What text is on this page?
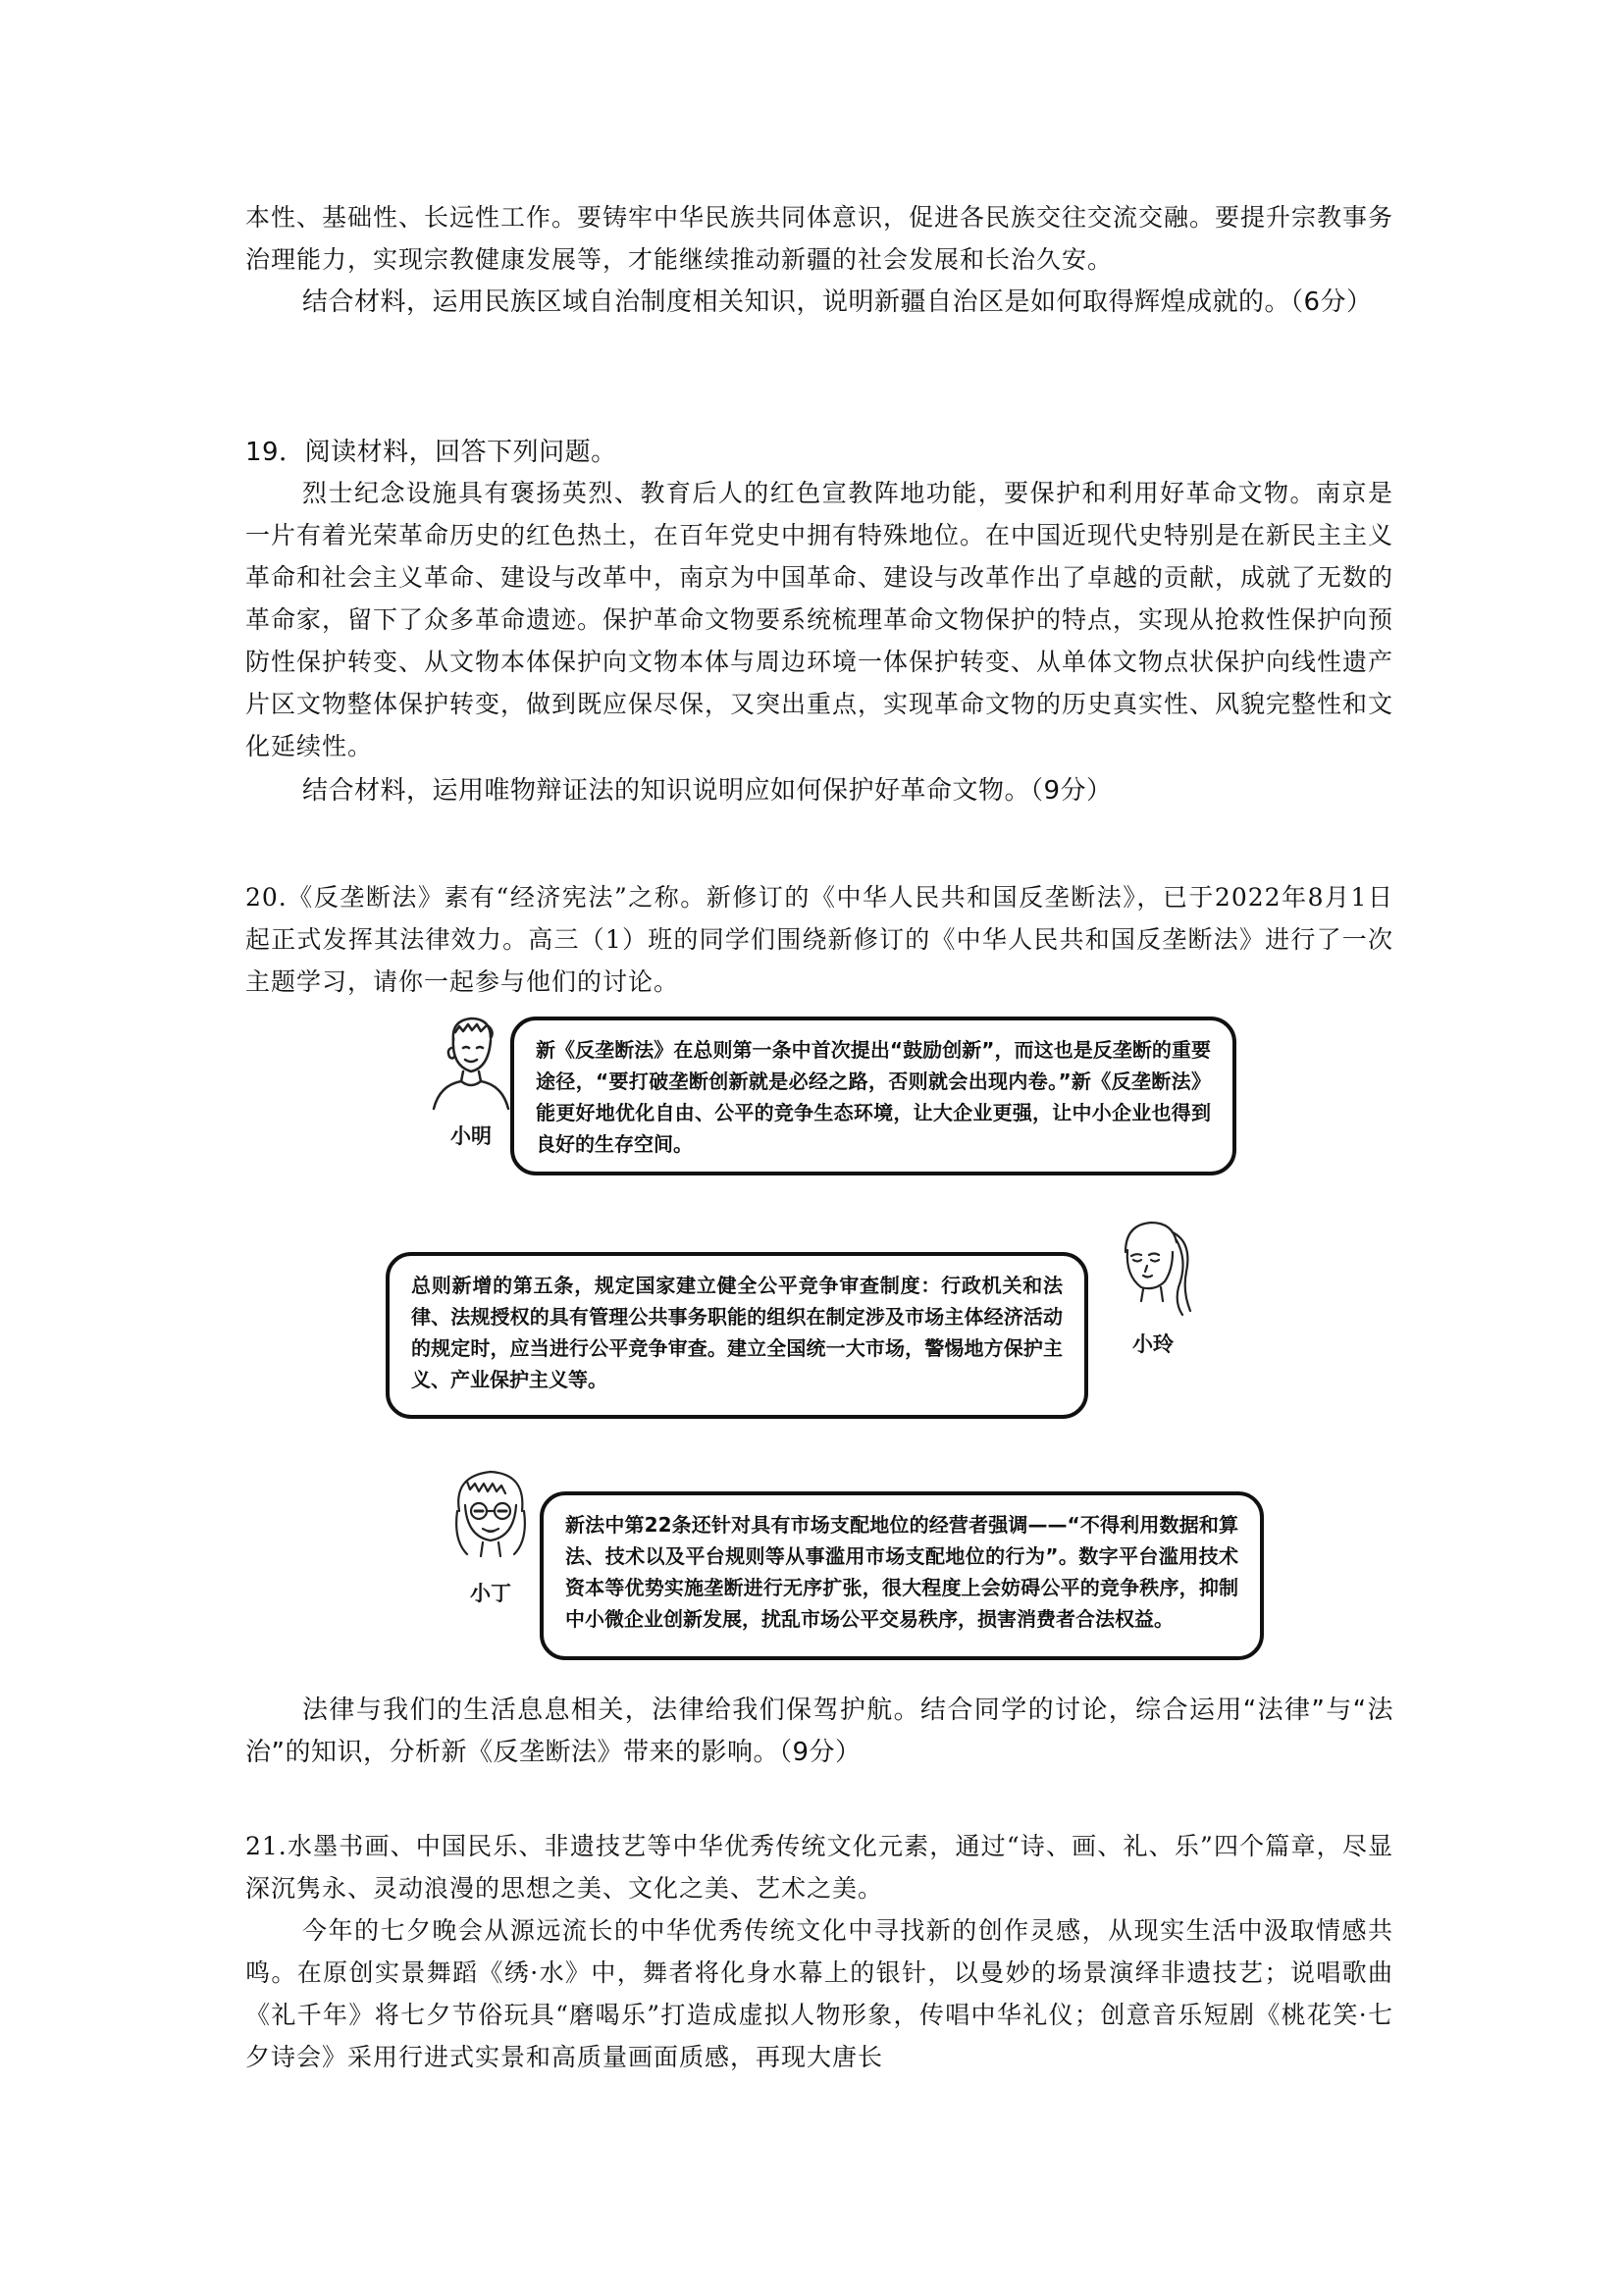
本性、基础性、长远性工作。要铸牢中华民族共同体意识，促进各民族交往交流交融。要提升宗教事务治理能力，实现宗教健康发展等，才能继续推动新疆的社会发展和长治久安。

结合材料，运用民族区域自治制度相关知识，说明新疆自治区是如何取得辉煌成就的。（6分）

19．阅读材料，回答下列问题。

烈士纪念设施具有褒扬英烈、教育后人的红色宣教阵地功能，要保护和利用好革命文物。南京是一片有着光荣革命历史的红色热土，在百年党史中拥有特殊地位。在中国近现代史特别是在新民主主义革命和社会主义革命、建设与改革中，南京为中国革命、建设与改革作出了卓越的贡献，成就了无数的革命家，留下了众多革命遗迹。保护革命文物要系统梳理革命文物保护的特点，实现从抢救性保护向预防性保护转变、从文物本体保护向文物本体与周边环境一体保护转变、从单体文物点状保护向线性遗产片区文物整体保护转变，做到既应保尽保，又突出重点，实现革命文物的历史真实性、风貌完整性和文化延续性。

结合材料，运用唯物辩证法的知识说明应如何保护好革命文物。（9分）

20.《反垄断法》素有“经济宪法”之称。新修订的《中华人民共和国反垄断法》，已于2022年8月1日起正式发挥其法律效力。高三（1）班的同学们围绕新修订的《中华人民共和国反垄断法》进行了一次主题学习，请你一起参与他们的讨论。

小明
新《反垄断法》在总则第一条中首次提出“鼓励创新”，而这也是反垄断的重要途径，“要打破垄断创新就是必经之路，否则就会出现内卷。”新《反垄断法》能更好地优化自由、公平的竞争生态环境，让大企业更强，让中小企业也得到良好的生存空间。
总则新增的第五条，规定国家建立健全公平竞争审查制度：行政机关和法律、法规授权的具有管理公共事务职能的组织在制定涉及市场主体经济活动的规定时，应当进行公平竞争审查。建立全国统一大市场，警惕地方保护主义、产业保护主义等。
小玲
小丁
新法中第22条还针对具有市场支配地位的经营者强调——“不得利用数据和算法、技术以及平台规则等从事滥用市场支配地位的行为”。数字平台滥用技术资本等优势实施垄断进行无序扩张，很大程度上会妨碍公平的竞争秩序，抑制中小微企业创新发展，扰乱市场公平交易秩序，损害消费者合法权益。

法律与我们的生活息息相关，法律给我们保驾护航。结合同学的讨论，综合运用“法律”与“法治”的知识，分析新《反垄断法》带来的影响。（9分）

21.水墨书画、中国民乐、非遗技艺等中华优秀传统文化元素，通过“诗、画、礼、乐”四个篇章，尽显深沉隽永、灵动浪漫的思想之美、文化之美、艺术之美。

今年的七夕晚会从源远流长的中华优秀传统文化中寻找新的创作灵感，从现实生活中汲取情感共鸣。在原创实景舞蹈《绣·水》中，舞者将化身水幕上的银针，以曼妙的场景演绎非遗技艺；说唱歌曲《礼千年》将七夕节俗玩具“磨喝乐”打造成虚拟人物形象，传唱中华礼仪；创意音乐短剧《桃花笑·七夕诗会》采用行进式实景和高质量画面质感，再现大唐长
